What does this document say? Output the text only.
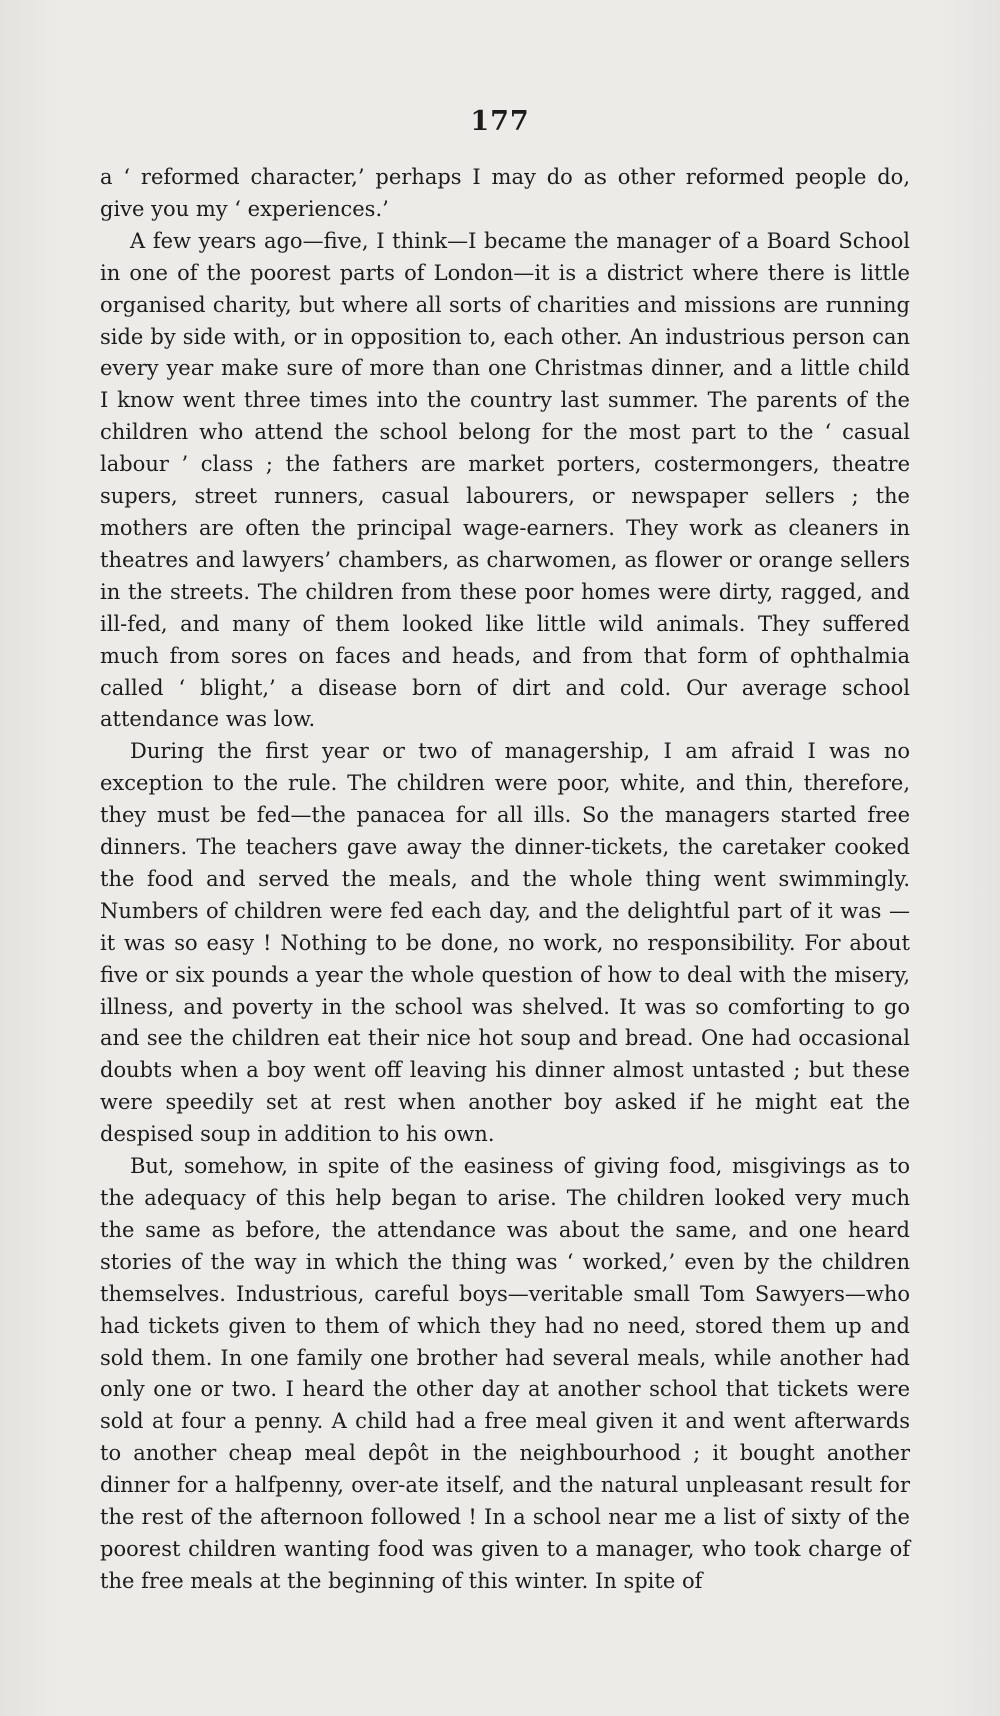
177

a ‘ reformed character,’ perhaps I may do as other reformed people do, give you my ‘ experiences.’

A few years ago—five, I think—I became the manager of a Board School in one of the poorest parts of London—it is a district where there is little organised charity, but where all sorts of charities and missions are running side by side with, or in opposition to, each other. An industrious person can every year make sure of more than one Christmas dinner, and a little child I know went three times into the country last summer. The parents of the children who attend the school belong for the most part to the ‘ casual labour ’ class ; the fathers are market porters, costermongers, theatre supers, street runners, casual labourers, or newspaper sellers ; the mothers are often the principal wage-earners. They work as cleaners in theatres and lawyers’ chambers, as charwomen, as flower or orange sellers in the streets. The children from these poor homes were dirty, ragged, and ill-fed, and many of them looked like little wild animals. They suffered much from sores on faces and heads, and from that form of ophthalmia called ‘ blight,’ a disease born of dirt and cold. Our average school attendance was low.

During the first year or two of managership, I am afraid I was no exception to the rule. The children were poor, white, and thin, therefore, they must be fed—the panacea for all ills. So the managers started free dinners. The teachers gave away the dinner-tickets, the caretaker cooked the food and served the meals, and the whole thing went swimmingly. Numbers of children were fed each day, and the delightful part of it was —it was so easy ! Nothing to be done, no work, no responsibility. For about five or six pounds a year the whole question of how to deal with the misery, illness, and poverty in the school was shelved. It was so comforting to go and see the children eat their nice hot soup and bread. One had occasional doubts when a boy went off leaving his dinner almost untasted ; but these were speedily set at rest when another boy asked if he might eat the despised soup in addition to his own.

But, somehow, in spite of the easiness of giving food, misgivings as to the adequacy of this help began to arise. The children looked very much the same as before, the attendance was about the same, and one heard stories of the way in which the thing was ‘ worked,’ even by the children themselves. Industrious, careful boys—veritable small Tom Sawyers—who had tickets given to them of which they had no need, stored them up and sold them. In one family one brother had several meals, while another had only one or two. I heard the other day at another school that tickets were sold at four a penny. A child had a free meal given it and went afterwards to another cheap meal depôt in the neighbourhood ; it bought another dinner for a halfpenny, over-ate itself, and the natural unpleasant result for the rest of the afternoon followed ! In a school near me a list of sixty of the poorest children wanting food was given to a manager, who took charge of the free meals at the beginning of this winter. In spite of
